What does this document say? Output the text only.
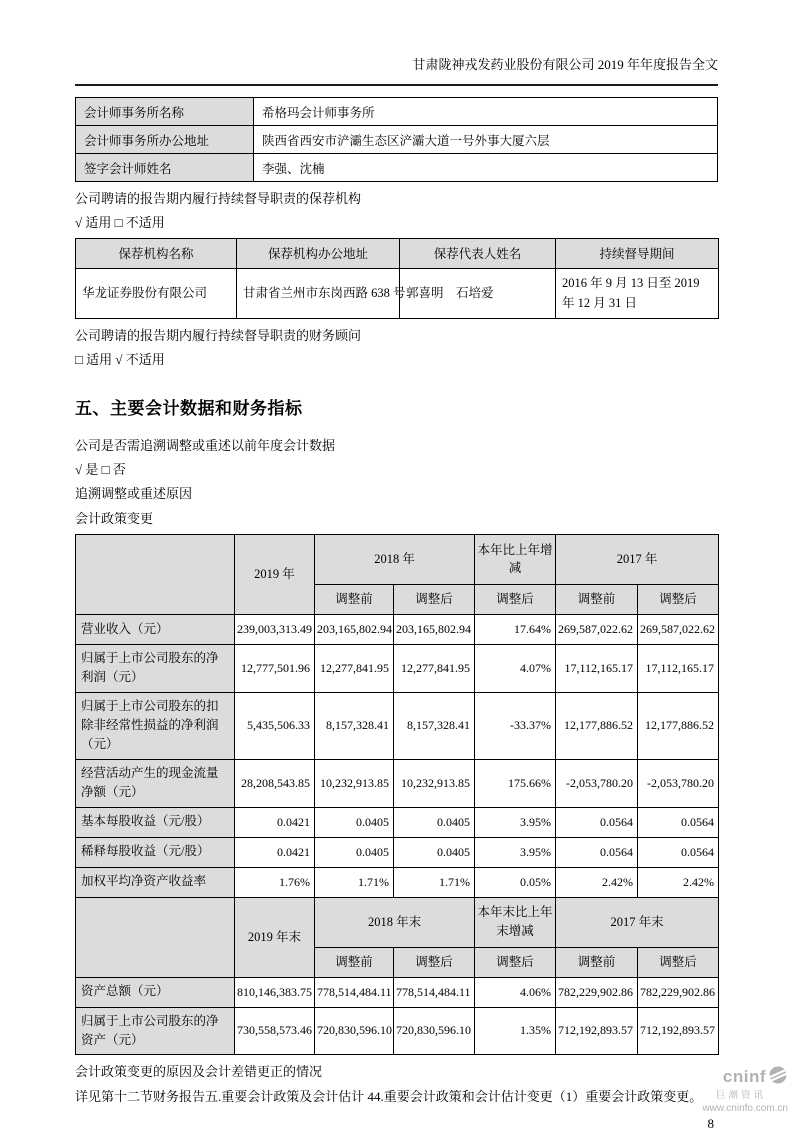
甘肃陇神戎发药业股份有限公司 2019 年年度报告全文
会计师事务所名称	希格玛会计师事务所
会计师事务所办公地址	陕西省西安市浐灞生态区浐灞大道一号外事大厦六层
签字会计师姓名	李强、沈楠

公司聘请的报告期内履行持续督导职责的保荐机构

√ 适用 □ 不适用

保荐机构名称	保荐机构办公地址	保荐代表人姓名	持续督导期间
华龙证券股份有限公司	甘肃省兰州市东岗西路 638 号	郭喜明　石培爱	2016 年 9 月 13 日至 2019 年 12 月 31 日

公司聘请的报告期内履行持续督导职责的财务顾问

□ 适用 √ 不适用

五、主要会计数据和财务指标

公司是否需追溯调整或重述以前年度会计数据

√ 是 □ 否

追溯调整或重述原因

会计政策变更

	2019 年	2018 年		本年比上年增减	2017 年	
		调整前	调整后	调整后	调整前	调整后
营业收入（元）	239,003,313.49	203,165,802.94	203,165,802.94	17.64%	269,587,022.62	269,587,022.62
归属于上市公司股东的净利润（元）	12,777,501.96	12,277,841.95	12,277,841.95	4.07%	17,112,165.17	17,112,165.17
归属于上市公司股东的扣除非经常性损益的净利润（元）	5,435,506.33	8,157,328.41	8,157,328.41	-33.37%	12,177,886.52	12,177,886.52
经营活动产生的现金流量净额（元）	28,208,543.85	10,232,913.85	10,232,913.85	175.66%	-2,053,780.20	-2,053,780.20
基本每股收益（元/股）	0.0421	0.0405	0.0405	3.95%	0.0564	0.0564
稀释每股收益（元/股）	0.0421	0.0405	0.0405	3.95%	0.0564	0.0564
加权平均净资产收益率	1.76%	1.71%	1.71%	0.05%	2.42%	2.42%
	2019 年末	2018 年末		本年末比上年末增减	2017 年末	
		调整前	调整后	调整后	调整前	调整后
资产总额（元）	810,146,383.75	778,514,484.11	778,514,484.11	4.06%	782,229,902.86	782,229,902.86
归属于上市公司股东的净资产（元）	730,558,573.46	720,830,596.10	720,830,596.10	1.35%	712,192,893.57	712,192,893.57

会计政策变更的原因及会计差错更正的情况

详见第十二节财务报告五.重要会计政策及会计估计 44.重要会计政策和会计估计变更（1）重要会计政策变更。

8
cninf
巨潮资讯
www.cninfo.com.cn
